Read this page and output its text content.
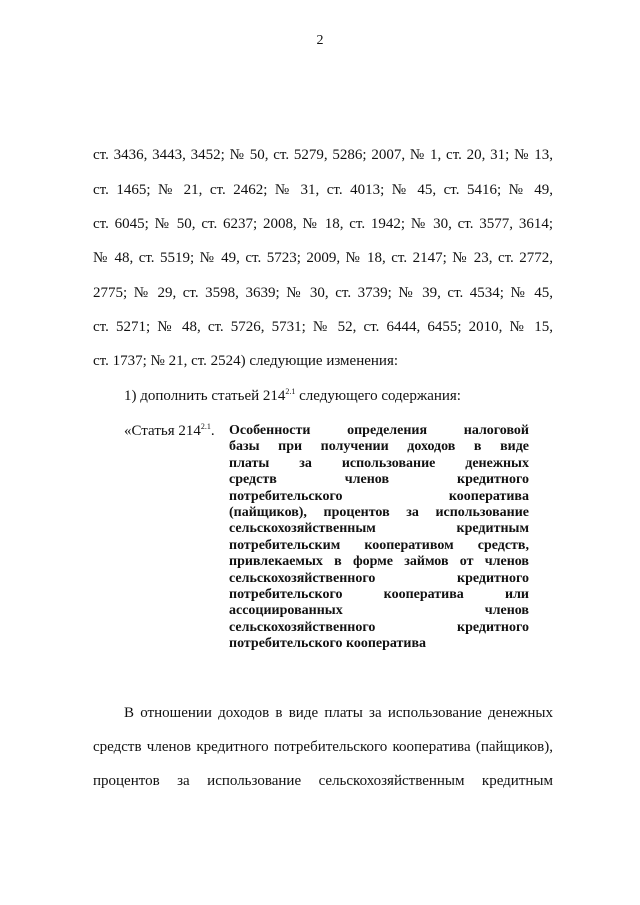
2
ст. 3436, 3443, 3452; № 50, ст. 5279, 5286; 2007, № 1, ст. 20, 31; № 13,
ст. 1465; № 21, ст. 2462; № 31, ст. 4013; № 45, ст. 5416; № 49,
ст. 6045; № 50, ст. 6237; 2008, № 18, ст. 1942; № 30, ст. 3577, 3614;
№ 48, ст. 5519; № 49, ст. 5723; 2009, № 18, ст. 2147; № 23, ст. 2772,
2775; № 29, ст. 3598, 3639; № 30, ст. 3739; № 39, ст. 4534; № 45,
ст. 5271; № 48, ст. 5726, 5731; № 52, ст. 6444, 6455; 2010, № 15,
ст. 1737; № 21, ст. 2524) следующие изменения:
1) дополнить статьей $214^{2.1}$ следующего содержания:
«Статья $214^{2.1}$. Особенности определения налоговой
базы при получении доходов в виде
платы за использование денежных
средств членов кредитного
потребительского кооператива
(пайщиков), процентов за использование
сельскохозяйственным кредитным
потребительским кооперативом средств,
привлекаемых в форме займов от членов
сельскохозяйственного кредитного
потребительского кооператива или
ассоциированных членов
сельскохозяйственного кредитного
потребительского кооператива
В отношении доходов в виде платы за использование денежных
средств членов кредитного потребительского кооператива (пайщиков),
процентов за использование сельскохозяйственным кредитным
